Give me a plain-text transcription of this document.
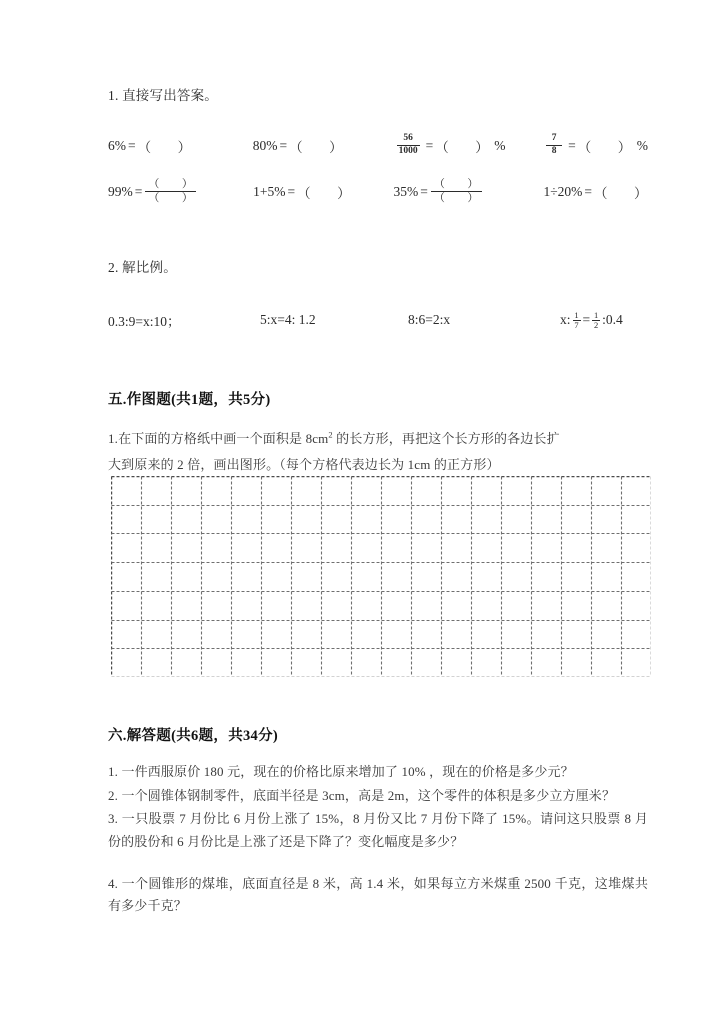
1. 直接写出答案。
6% = （ ）	80% = （ ）	$\frac{56}{1000}$ = （ ） %	$\frac{7}{8}$ = （ ） %
$99\% = \frac{( )}{( )}$	1+5% = （ ）	$35\% = \frac{( )}{( )}$	1÷20% = （ ）
2. 解比例。
0.3:9=x:10；	5:x=4: 1.2	8:6=2:x	x: $\frac{1}{7} = \frac{1}{2}$ :0.4
五.作图题(共1题，共5分)
1.在下面的方格纸中画一个面积是 $8cm^2$ 的长方形，再把这个长方形的各边长扩
大到原来的 2 倍，画出图形。（每个方格代表边长为 1cm 的正方形）
六.解答题(共6题，共34分)
1. 一件西服原价 180 元，现在的价格比原来增加了 10% ，现在的价格是多少元？
2. 一个圆锥体钢制零件，底面半径是 3cm，高是 2m，这个零件的体积是多少立方厘米？
3. 一只股票 7 月份比 6 月份上涨了 15%，8 月份又比 7 月份下降了 15%。请问这只股票 8 月份的股份和 6 月份比是上涨了还是下降了？变化幅度是多少？
4. 一个圆锥形的煤堆，底面直径是 8 米，高 1.4 米，如果每立方米煤重 2500 千克，这堆煤共有多少千克？
